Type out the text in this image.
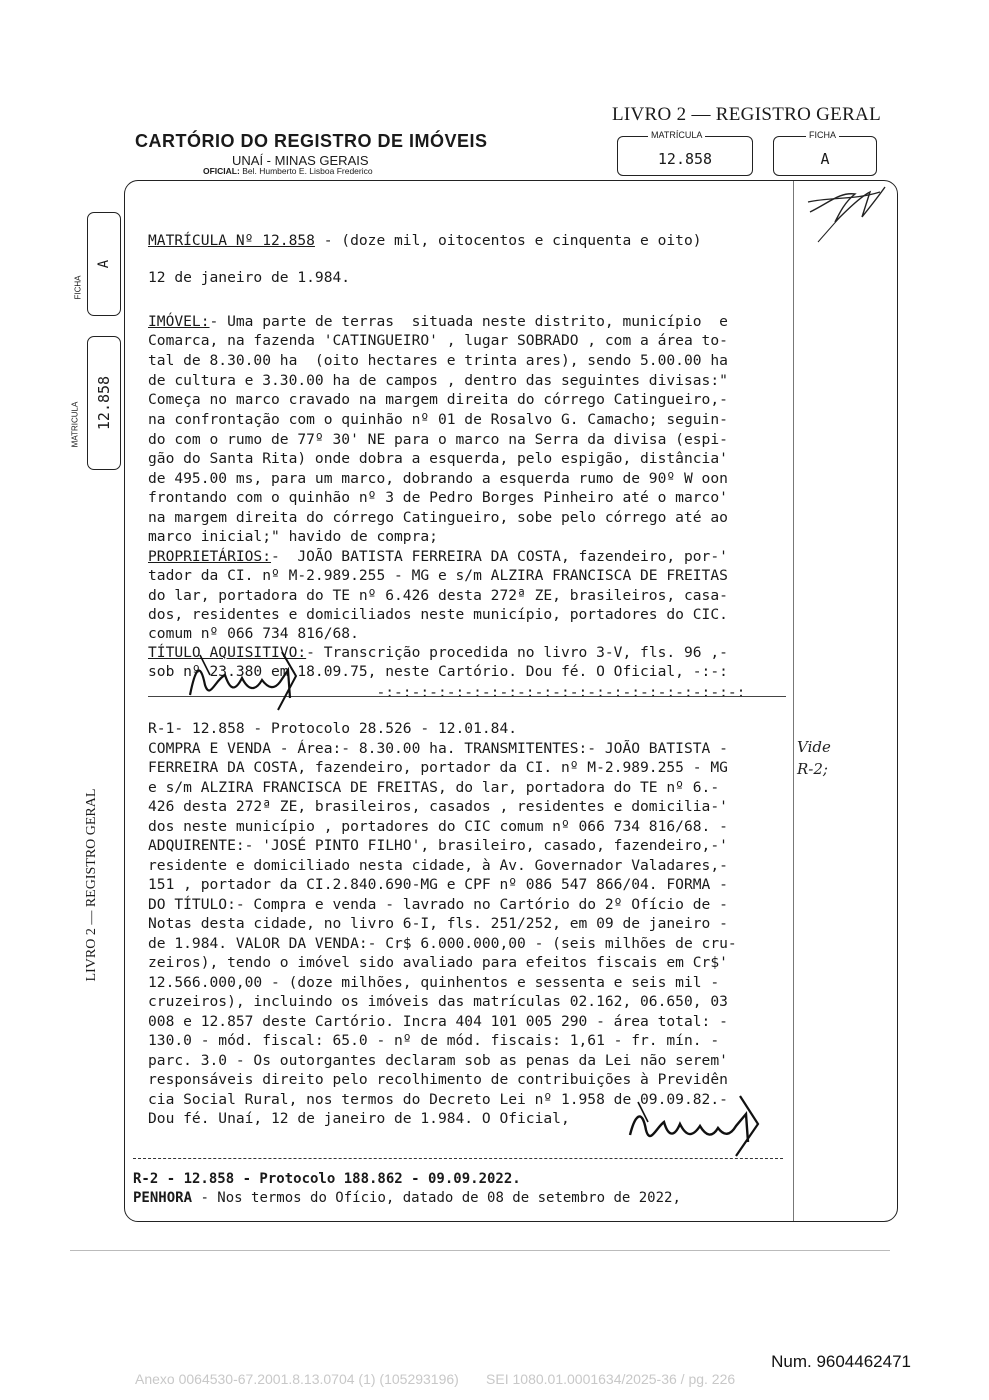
LIVRO 2 — REGISTRO GERAL
CARTÓRIO DO REGISTRO DE IMÓVEIS
UNAÍ - MINAS GERAIS
OFICIAL: Bel. Humberto E. Lisboa Frederico
MATRÍCULA
12.858
FICHA
A
A
FICHA
12.858
MATRICULA
LIVRO 2 — REGISTRO GERAL
MATRÍCULA Nº 12.858 - (doze mil, oitocentos e cinquenta e oito)
12 de janeiro de 1.984.
IMÓVEL:- Uma parte de terras  situada neste distrito, município  e
Comarca, na fazenda 'CATINGUEIRO' , lugar SOBRADO , com a área to-
tal de 8.30.00 ha  (oito hectares e trinta ares), sendo 5.00.00 ha
de cultura e 3.30.00 ha de campos , dentro das seguintes divisas:"
Começa no marco cravado na margem direita do córrego Catingueiro,-
na confrontação com o quinhão nº 01 de Rosalvo G. Camacho; seguin-
do com o rumo de 77º 30' NE para o marco na Serra da divisa (espi-
gão do Santa Rita) onde dobra a esquerda, pelo espigão, distância'
de 495.00 ms, para um marco, dobrando a esquerda rumo de 90º W oon
frontando com o quinhão nº 3 de Pedro Borges Pinheiro até o marco'
na margem direita do córrego Catingueiro, sobe pelo córrego até ao
marco inicial;" havido de compra;
PROPRIETÁRIOS:-  JOÃO BATISTA FERREIRA DA COSTA, fazendeiro, por-'
tador da CI. nº M-2.989.255 - MG e s/m ALZIRA FRANCISCA DE FREITAS
do lar, portadora do TE nº 6.426 desta 272ª ZE, brasileiros, casa-
dos, residentes e domiciliados neste município, portadores do CIC.
comum nº 066 734 816/68.
TÍTULO AQUISITIVO:- Transcrição procedida no livro 3-V, fls. 96 ,-
sob nº 23.380 em 18.09.75, neste Cartório. Dou fé. O Oficial, -:-:
-:-:-:-:-:-:-:-:-:-:-:-:-:-:-:-:-:-:-:-:-:
R-1- 12.858 - Protocolo 28.526 - 12.01.84.
COMPRA E VENDA - Área:- 8.30.00 ha. TRANSMITENTES:- JOÃO BATISTA -
FERREIRA DA COSTA, fazendeiro, portador da CI. nº M-2.989.255 - MG
e s/m ALZIRA FRANCISCA DE FREITAS, do lar, portadora do TE nº 6.-
426 desta 272ª ZE, brasileiros, casados , residentes e domicilia-'
dos neste município , portadores do CIC comum nº 066 734 816/68. -
ADQUIRENTE:- 'JOSÉ PINTO FILHO', brasileiro, casado, fazendeiro,-'
residente e domiciliado nesta cidade, à Av. Governador Valadares,-
151 , portador da CI.2.840.690-MG e CPF nº 086 547 866/04. FORMA -
DO TÍTULO:- Compra e venda - lavrado no Cartório do 2º Ofício de -
Notas desta cidade, no livro 6-I, fls. 251/252, em 09 de janeiro -
de 1.984. VALOR DA VENDA:- Cr$ 6.000.000,00 - (seis milhões de cru-
zeiros), tendo o imóvel sido avaliado para efeitos fiscais em Cr$'
12.566.000,00 - (doze milhões, quinhentos e sessenta e seis mil -
cruzeiros), incluindo os imóveis das matrículas 02.162, 06.650, 03
008 e 12.857 deste Cartório. Incra 404 101 005 290 - área total: -
130.0 - mód. fiscal: 65.0 - nº de mód. fiscais: 1,61 - fr. mín. -
parc. 3.0 - Os outorgantes declaram sob as penas da Lei não serem'
responsáveis direito pelo recolhimento de contribuições à Previdên
cia Social Rural, nos termos do Decreto Lei nº 1.958 de 09.09.82.-
Dou fé. Unaí, 12 de janeiro de 1.984. O Oficial,
Vide
R-2;
R-2 - 12.858 - Protocolo 188.862 - 09.09.2022.
PENHORA - Nos termos do Ofício, datado de 08 de setembro de 2022,
Num. 9604462471
Anexo 0064530-67.2001.8.13.0704 (1) (105293196)       SEI 1080.01.0001634/2025-36 / pg. 226
